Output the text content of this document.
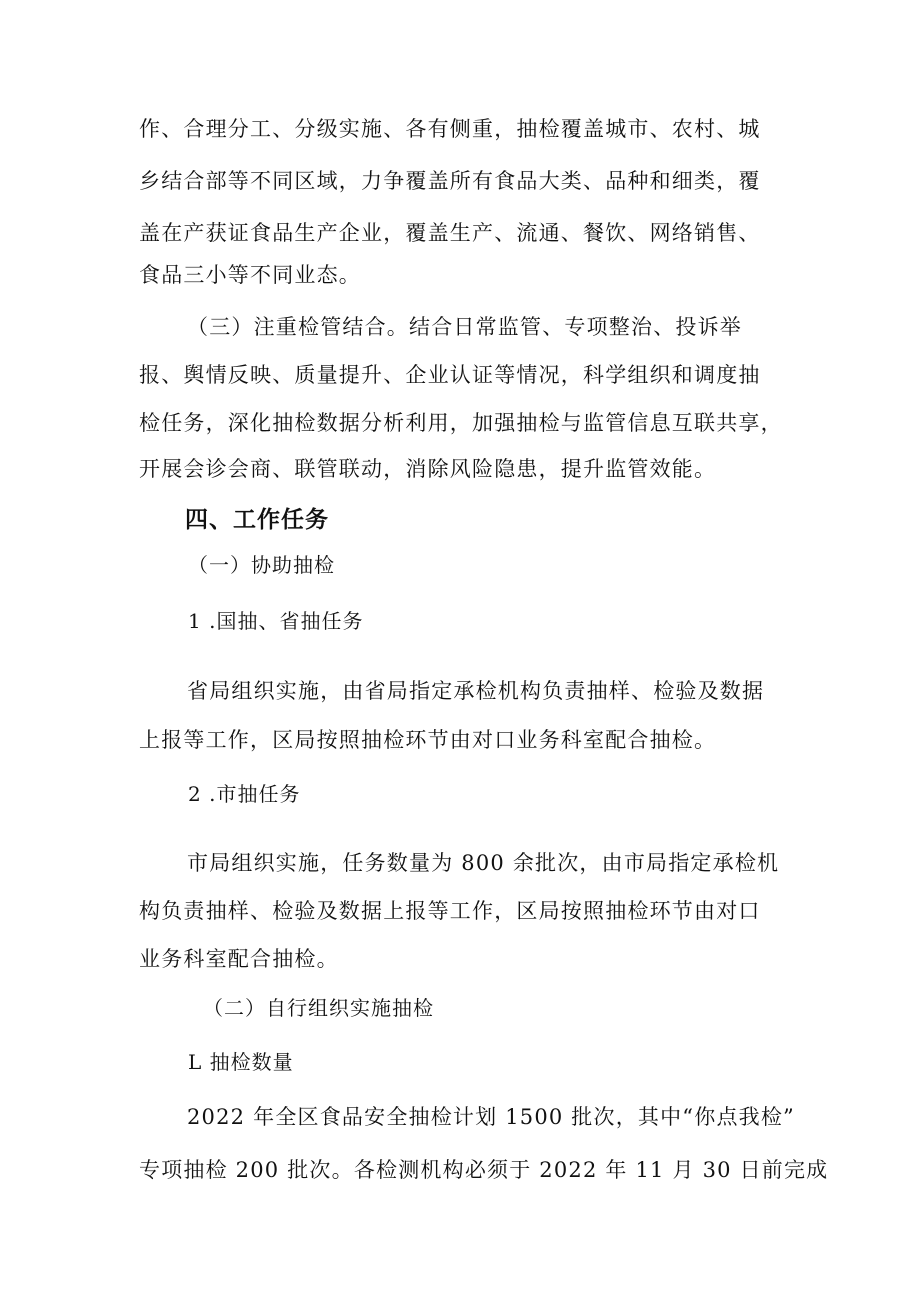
作、合理分工、分级实施、各有侧重，抽检覆盖城市、农村、城
乡结合部等不同区域，力争覆盖所有食品大类、品种和细类，覆
盖在产获证食品生产企业，覆盖生产、流通、餐饮、网络销售、
食品三小等不同业态。
（三）注重检管结合。结合日常监管、专项整治、投诉举
报、舆情反映、质量提升、企业认证等情况，科学组织和调度抽
检任务，深化抽检数据分析利用，加强抽检与监管信息互联共享，
开展会诊会商、联管联动，消除风险隐患，提升监管效能。
四、工作任务
（一）协助抽检
1 .国抽、省抽任务
省局组织实施，由省局指定承检机构负责抽样、检验及数据
上报等工作，区局按照抽检环节由对口业务科室配合抽检。
2 .市抽任务
市局组织实施，任务数量为 800 余批次，由市局指定承检机
构负责抽样、检验及数据上报等工作，区局按照抽检环节由对口
业务科室配合抽检。
（二）自行组织实施抽检
L 抽检数量
2022 年全区食品安全抽检计划 1500 批次，其中“你点我检”
专项抽检 200 批次。各检测机构必须于 2022 年 11 月 30 日前完成
